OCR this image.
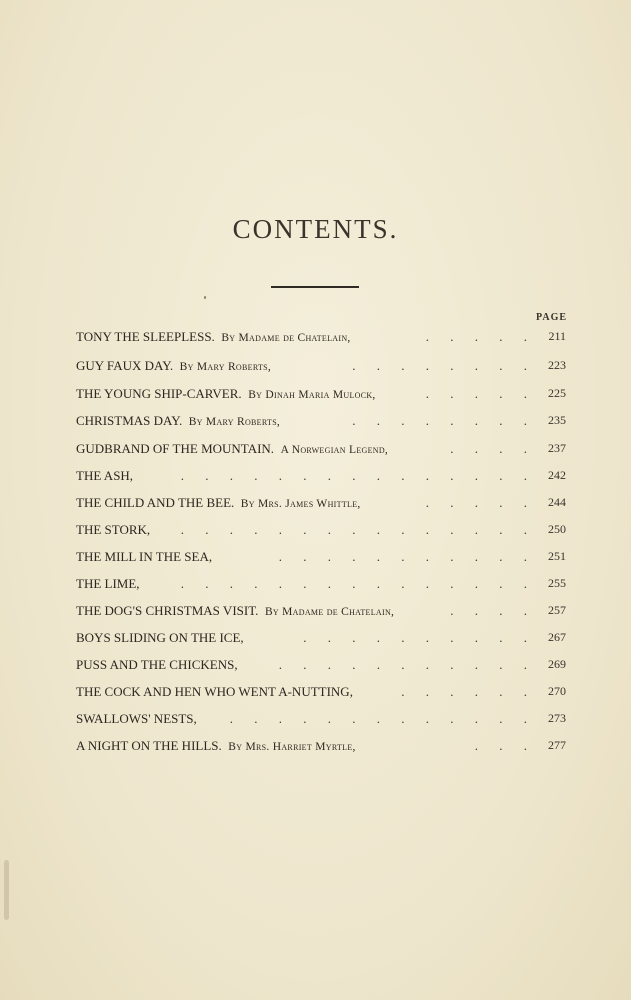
CONTENTS.
PAGE
TONY THE SLEEPLESS. By Madame de Chatelain,	. . . . . 211
GUY FAUX DAY. By Mary Roberts,	. . . . . . . . 223
THE YOUNG SHIP-CARVER. By Dinah Maria Mulock,	. . . . . 225
CHRISTMAS DAY. By Mary Roberts,	. . . . . . . . 235
GUDBRAND OF THE MOUNTAIN. A Norwegian Legend,	. . . . 237
THE ASH,	. . . . . . . . . . . . . . . 242
THE CHILD AND THE BEE. By Mrs. James Whittle,	. . . . . 244
THE STORK, . . . . . . . . . . . . . . . 250
THE MILL IN THE SEA,	. . . . . . . . . . . 251
THE LIME,	. . . . . . . . . . . . . . . 255
THE DOG'S CHRISTMAS VISIT. By Madame de Chatelain,	. . . . 257
BOYS SLIDING ON THE ICE,	. . . . . . . . . . 267
PUSS AND THE CHICKENS,	. . . . . . . . . . . 269
THE COCK AND HEN WHO WENT A-NUTTING,	. . . . . . 270
SWALLOWS' NESTS,	. . . . . . . . . . . . . 273
A NIGHT ON THE HILLS. By Mrs. Harriet Myrtle,	. . . 277
